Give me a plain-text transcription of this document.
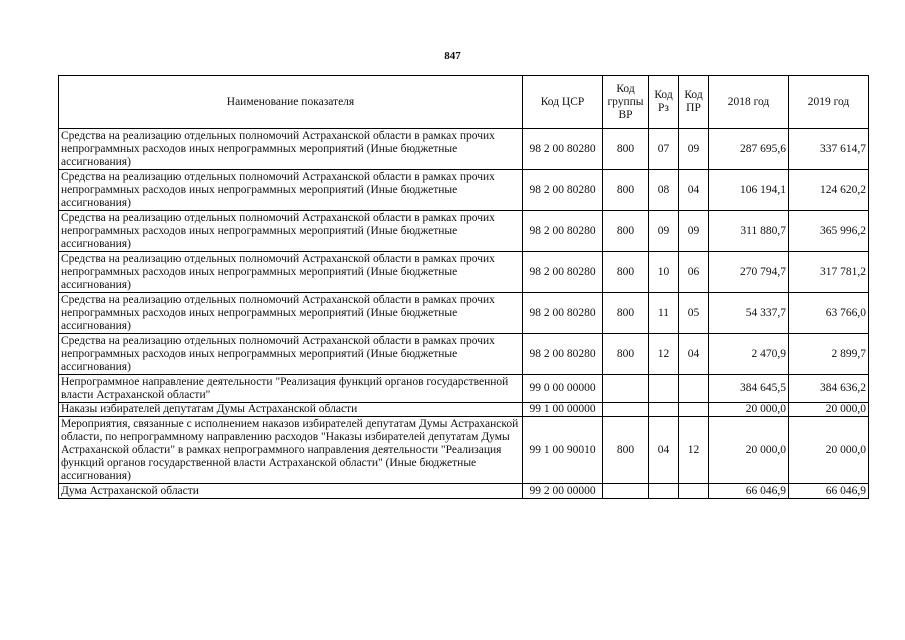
847
Наименование показателя	Код ЦСР	Код группы ВР	Код Рз	Код ПР	2018 год	2019 год
Средства на реализацию отдельных полномочий Астраханской области в рамках прочих непрограммных расходов иных непрограммных мероприятий (Иные бюджетные ассигнования)	98 2 00 80280	800	07	09	287 695,6	337 614,7
Средства на реализацию отдельных полномочий Астраханской области в рамках прочих непрограммных расходов иных непрограммных мероприятий (Иные бюджетные ассигнования)	98 2 00 80280	800	08	04	106 194,1	124 620,2
Средства на реализацию отдельных полномочий Астраханской области в рамках прочих непрограммных расходов иных непрограммных мероприятий (Иные бюджетные ассигнования)	98 2 00 80280	800	09	09	311 880,7	365 996,2
Средства на реализацию отдельных полномочий Астраханской области в рамках прочих непрограммных расходов иных непрограммных мероприятий (Иные бюджетные ассигнования)	98 2 00 80280	800	10	06	270 794,7	317 781,2
Средства на реализацию отдельных полномочий Астраханской области в рамках прочих непрограммных расходов иных непрограммных мероприятий (Иные бюджетные ассигнования)	98 2 00 80280	800	11	05	54 337,7	63 766,0
Средства на реализацию отдельных полномочий Астраханской области в рамках прочих непрограммных расходов иных непрограммных мероприятий (Иные бюджетные ассигнования)	98 2 00 80280	800	12	04	2 470,9	2 899,7
Непрограммное направление деятельности "Реализация функций органов государственной власти Астраханской области"	99 0 00 00000				384 645,5	384 636,2
Наказы избирателей депутатам Думы Астраханской области	99 1 00 00000				20 000,0	20 000,0
Мероприятия, связанные с исполнением наказов избирателей депутатам Думы Астраханской области, по непрограммному направлению расходов "Наказы избирателей депутатам Думы Астраханской области" в рамках непрограммного направления деятельности "Реализация функций органов государственной власти Астраханской области" (Иные бюджетные ассигнования)	99 1 00 90010	800	04	12	20 000,0	20 000,0
Дума Астраханской области	99 2 00 00000				66 046,9	66 046,9
